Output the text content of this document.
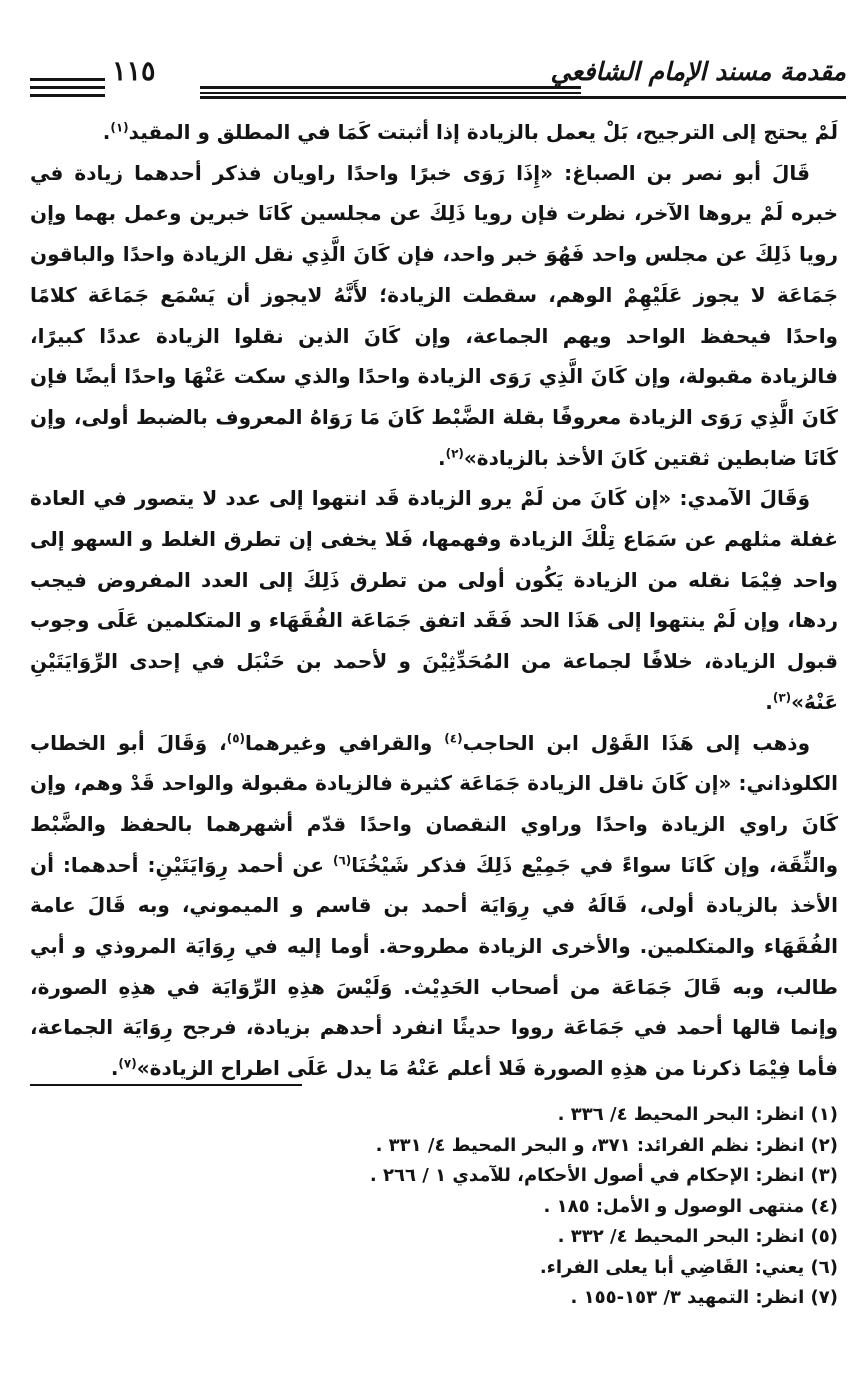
مقدمة مسند الإمام الشافعي
١١٥

لَمْ يحتج إلى الترجيح، بَلْ يعمل بالزيادة إذا أثبتت كَمَا في المطلق و المقيد$^{(١)}$.

قَالَ أبو نصر بن الصباغ: «إِذَا رَوَى خبرًا واحدًا راويان فذكر أحدهما زيادة في خبره لَمْ يروها الآخر، نظرت فإن رويا ذَلِكَ عن مجلسين كَانَا خبرين وعمل بهما وإن رويا ذَلِكَ عن مجلس واحد فَهُوَ خبر واحد، فإن كَانَ الَّذِي نقل الزيادة واحدًا والباقون جَمَاعَة لا يجوز عَلَيْهِمْ الوهم، سقطت الزيادة؛ لأَنَّهُ لايجوز أن يَسْمَع جَمَاعَة كلامًا واحدًا فيحفظ الواحد ويهم الجماعة، وإن كَانَ الذين نقلوا الزيادة عددًا كبيرًا، فالزيادة مقبولة، وإن كَانَ الَّذِي رَوَى الزيادة واحدًا والذي سكت عَنْهَا واحدًا أيضًا فإن كَانَ الَّذِي رَوَى الزيادة معروفًا بقلة الضَّبْط كَانَ مَا رَوَاهُ المعروف بالضبط أولى، وإن كَانَا ضابطين ثقتين كَانَ الأخذ بالزيادة»$^{(٢)}$.

وَقَالَ الآمدي: «إن كَانَ من لَمْ يرو الزيادة قَد انتهوا إلى عدد لا يتصور في العادة غفلة مثلهم عن سَمَاع تِلْكَ الزيادة وفهمها، فَلا يخفى إن تطرق الغلط و السهو إلى واحد فِيْمَا نقله من الزيادة يَكُون أولى من تطرق ذَلِكَ إلى العدد المفروض فيجب ردها، وإن لَمْ ينتهوا إلى هَذَا الحد فَقَد اتفق جَمَاعَة الفُقَهَاء و المتكلمين عَلَى وجوب قبول الزيادة، خلافًا لجماعة من المُحَدِّثِيْنَ و لأحمد بن حَنْبَل في إحدى الرِّوَايَتَيْنِ عَنْهُ»$^{(٣)}$.

وذهب إلى هَذَا القَوْل ابن الحاجب$^{(٤)}$ والقرافي وغيرهما$^{(٥)}$، وَقَالَ أبو الخطاب الكلوذاني: «إن كَانَ ناقل الزيادة جَمَاعَة كثيرة فالزيادة مقبولة والواحد قَدْ وهم، وإن كَانَ راوي الزيادة واحدًا وراوي النقصان واحدًا قدّم أشهرهما بالحفظ والضَّبْط والثِّقَة، وإن كَانَا سواءً في جَمِيْع ذَلِكَ فذكر شَيْخُنَا$^{(٦)}$ عن أحمد رِوَايَتَيْنِ: أحدهما: أن الأخذ بالزيادة أولى، قَالَهُ في رِوَايَة أحمد بن قاسم و الميموني، وبه قَالَ عامة الفُقَهَاء والمتكلمين. والأخرى الزيادة مطروحة. أوما إليه في رِوَايَة المروذي و أبي طالب، وبه قَالَ جَمَاعَة من أصحاب الحَدِيْث. وَلَيْسَ هذِهِ الرِّوَايَة في هذِهِ الصورة، وإنما قالها أحمد في جَمَاعَة رووا حديثًا انفرد أحدهم بزيادة، فرجح رِوَايَة الجماعة، فأما فِيْمَا ذكرنا من هذِهِ الصورة فَلا أعلم عَنْهُ مَا يدل عَلَى اطراح الزيادة»$^{(٧)}$.

(١) انظر: البحر المحيط ٤/ ٣٣٦ .
(٢) انظر: نظم الفرائد: ٣٧١، و البحر المحيط ٤/ ٣٣١ .
(٣) انظر: الإحكام في أصول الأحكام، للآمدي ١ / ٢٦٦ .
(٤) منتهى الوصول و الأمل: ١٨٥ .
(٥) انظر: البحر المحيط ٤/ ٣٣٢ .
(٦) يعني: القَاضِي أبا يعلى الفراء.
(٧) انظر: التمهيد ٣/ ١٥٣-١٥٥ .
